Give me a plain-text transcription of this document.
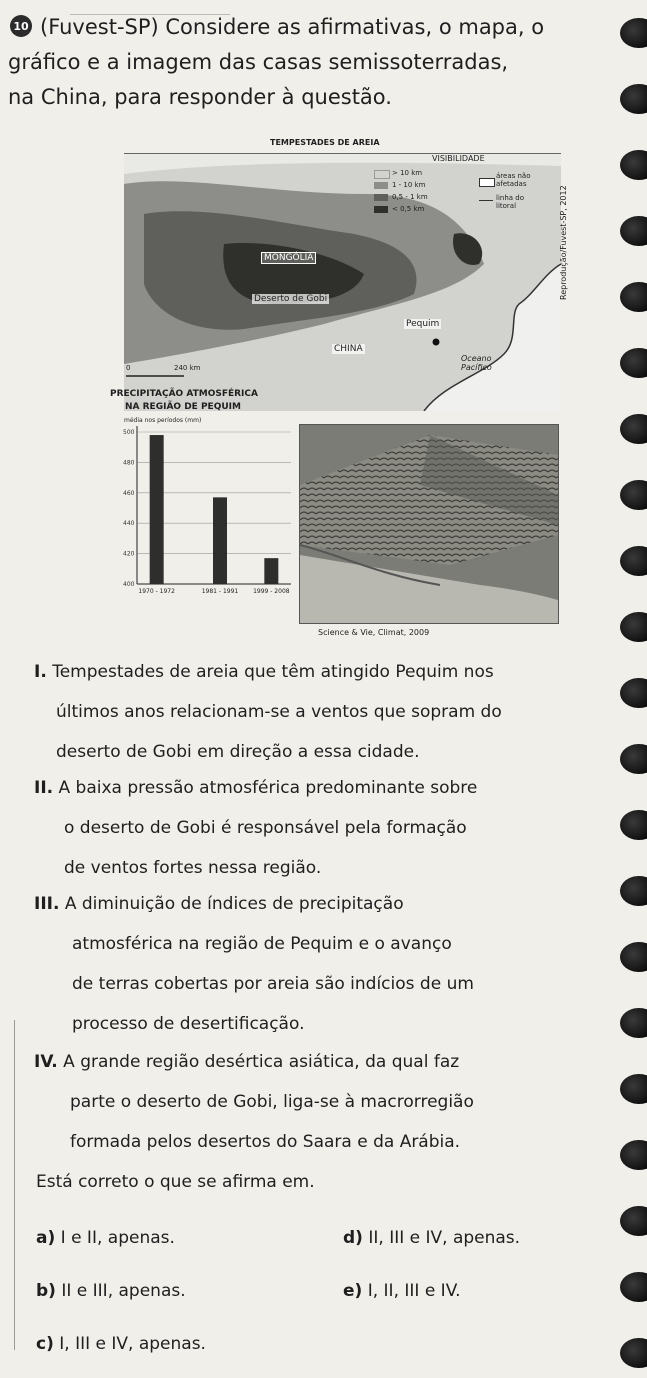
10 (Fuvest-SP) Considere as afirmativas, o mapa, o
gráfico e a imagem das casas semissoterradas,
na China, para responder à questão.
TEMPESTADES DE AREIA
VISIBILIDADE
> 10 km
1 - 10 km
0,5 - 1 km
< 0,5 km
áreas não afetadas
linha do litoral
MONGÓLIA
Deserto de Gobi
Pequim
CHINA
Oceano Pacífico
0	240 km
Reprodução/Fuvest-SP, 2012
PRECIPITAÇÃO ATMOSFÉRICA
NA REGIÃO DE PEQUIM
500
480
460
440
420
400
1970 - 1972	1981 - 1991 1999 - 2008
média nos períodos (mm)
Science & Vie, Climat, 2009
I. Tempestades de areia que têm atingido Pequim nos
últimos anos relacionam-se a ventos que sopram do
deserto de Gobi em direção a essa cidade.
II. A baixa pressão atmosférica predominante sobre
o deserto de Gobi é responsável pela formação
de ventos fortes nessa região.
III. A diminuição de índices de precipitação
atmosférica na região de Pequim e o avanço
de terras cobertas por areia são indícios de um
processo de desertificação.
IV. A grande região desértica asiática, da qual faz
parte o deserto de Gobi, liga-se à macrorregião
formada pelos desertos do Saara e da Arábia.
Está correto o que se afirma em.
a) I e II, apenas.	d) II, III e IV, apenas.
b) II e III, apenas.	e) I, II, III e IV.
c) I, III e IV, apenas.
